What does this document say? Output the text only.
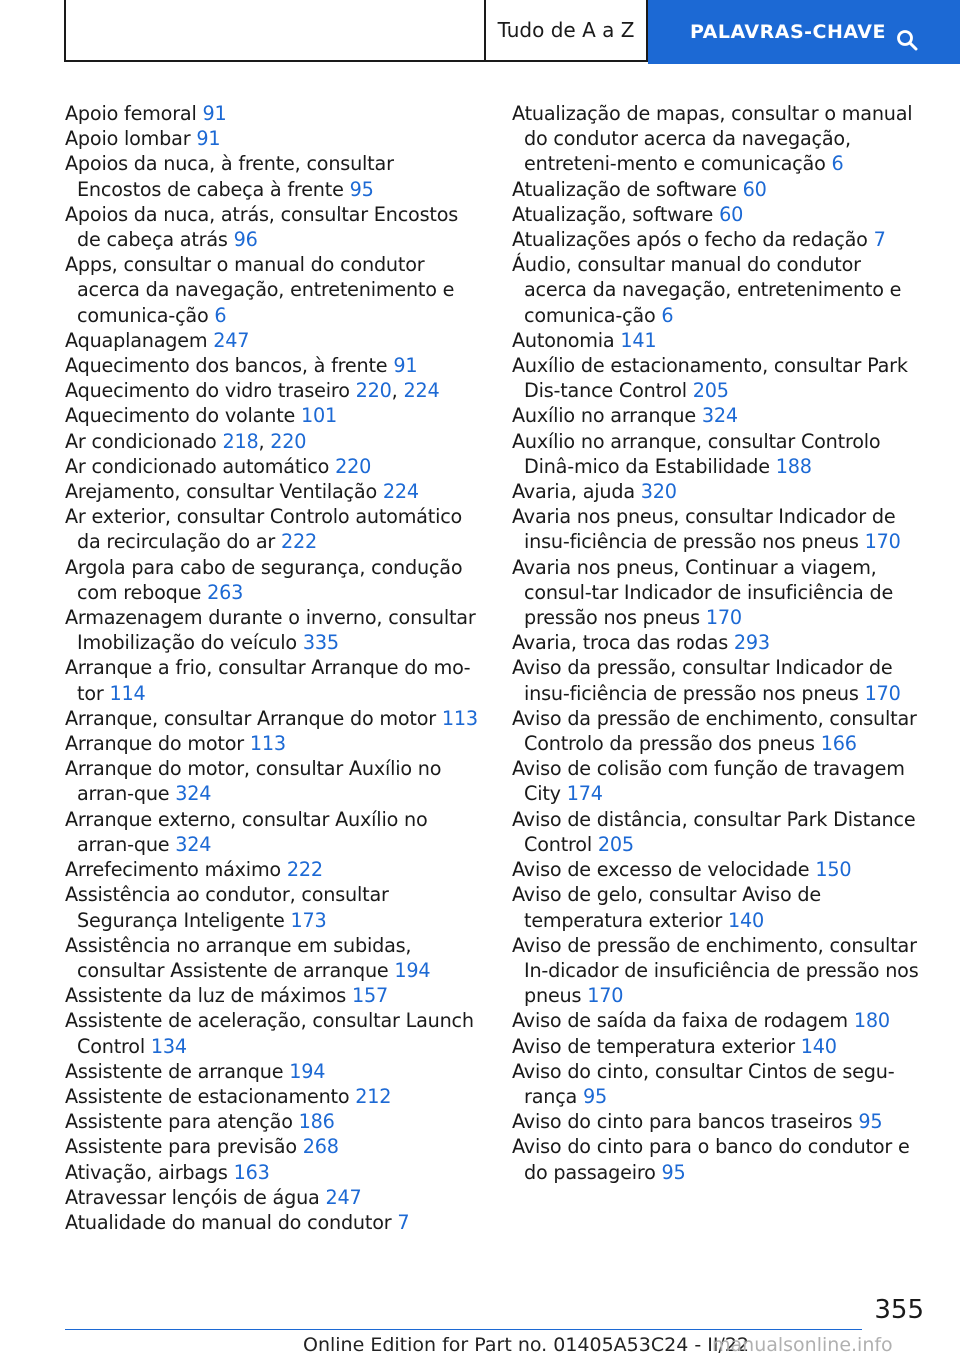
Tudo de A a Z	PALAVRAS-CHAVE
Apoio femoral 91
Apoio lombar 91
Apoios da nuca, à frente, consultar Encostos de cabeça à frente 95
Apoios da nuca, atrás, consultar Encostos de cabeça atrás 96
Apps, consultar o manual do condutor acerca da navegação, entretenimento e comunica‐ção 6
Aquaplanagem 247
Aquecimento dos bancos, à frente 91
Aquecimento do vidro traseiro 220, 224
Aquecimento do volante 101
Ar condicionado 218, 220
Ar condicionado automático 220
Arejamento, consultar Ventilação 224
Ar exterior, consultar Controlo automático da recirculação do ar 222
Argola para cabo de segurança, condução com reboque 263
Armazenagem durante o inverno, consultar Imobilização do veículo 335
Arranque a frio, consultar Arranque do mo‐tor 114
Arranque, consultar Arranque do motor 113
Arranque do motor 113
Arranque do motor, consultar Auxílio no arran‐que 324
Arranque externo, consultar Auxílio no arran‐que 324
Arrefecimento máximo 222
Assistência ao condutor, consultar Segurança Inteligente 173
Assistência no arranque em subidas, consultar Assistente de arranque 194
Assistente da luz de máximos 157
Assistente de aceleração, consultar Launch Control 134
Assistente de arranque 194
Assistente de estacionamento 212
Assistente para atenção 186
Assistente para previsão 268
Ativação, airbags 163
Atravessar lençóis de água 247
Atualidade do manual do condutor 7
Atualização de mapas, consultar o manual do condutor acerca da navegação, entreteni‐mento e comunicação 6
Atualização de software 60
Atualização, software 60
Atualizações após o fecho da redação 7
Áudio, consultar manual do condutor acerca da navegação, entretenimento e comunica‐ção 6
Autonomia 141
Auxílio de estacionamento, consultar Park Dis‐tance Control 205
Auxílio no arranque 324
Auxílio no arranque, consultar Controlo Dinâ‐mico da Estabilidade 188
Avaria, ajuda 320
Avaria nos pneus, consultar Indicador de insu‐ficiência de pressão nos pneus 170
Avaria nos pneus, Continuar a viagem, consul‐tar Indicador de insuficiência de pressão nos pneus 170
Avaria, troca das rodas 293
Aviso da pressão, consultar Indicador de insu‐ficiência de pressão nos pneus 170
Aviso da pressão de enchimento, consultar Controlo da pressão dos pneus 166
Aviso de colisão com função de travagem City 174
Aviso de distância, consultar Park Distance Control 205
Aviso de excesso de velocidade 150
Aviso de gelo, consultar Aviso de temperatura exterior 140
Aviso de pressão de enchimento, consultar In‐dicador de insuficiência de pressão nos pneus 170
Aviso de saída da faixa de rodagem 180
Aviso de temperatura exterior 140
Aviso do cinto, consultar Cintos de segu‐rança 95
Aviso do cinto para bancos traseiros 95
Aviso do cinto para o banco do condutor e do passageiro 95
355
Online Edition for Part no. 01405A53C24 - II/22
manualsonline.info
